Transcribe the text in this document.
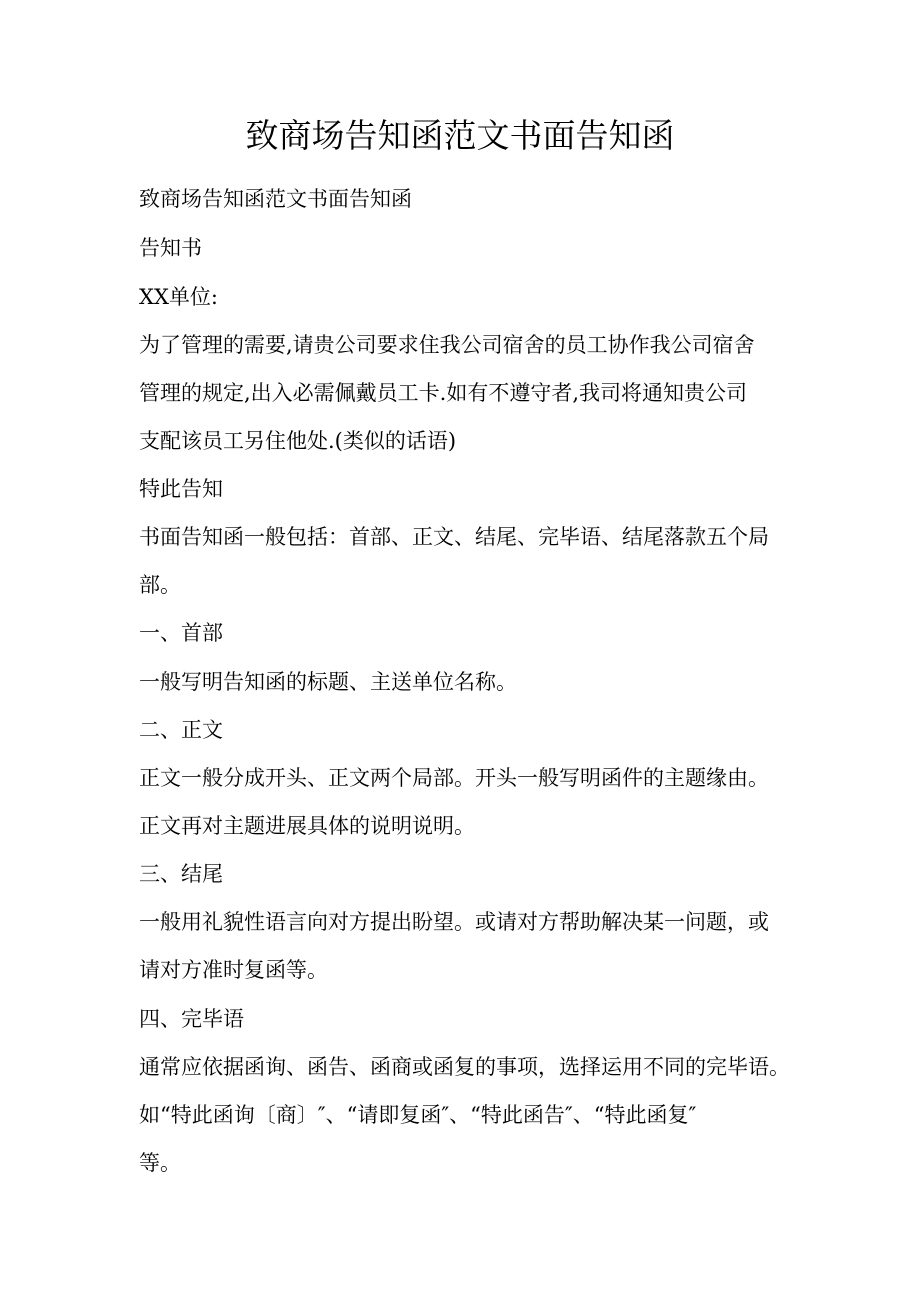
致商场告知函范文书面告知函
致商场告知函范文书面告知函
告知书
XX单位:
为了管理的需要,请贵公司要求住我公司宿舍的员工协作我公司宿舍
管理的规定,出入必需佩戴员工卡.如有不遵守者,我司将通知贵公司
支配该员工另住他处.(类似的话语)
特此告知
书面告知函一般包括：首部、正文、结尾、完毕语、结尾落款五个局
部。
一、首部
一般写明告知函的标题、主送单位名称。
二、正文
正文一般分成开头、正文两个局部。开头一般写明函件的主题缘由。
正文再对主题进展具体的说明说明。
三、结尾
一般用礼貌性语言向对方提出盼望。或请对方帮助解决某一问题，或
请对方准时复函等。
四、完毕语
通常应依据函询、函告、函商或函复的事项，选择运用不同的完毕语。
如“特此函询〔商〕″、“请即复函″、“特此函告″、“特此函复″
等。
